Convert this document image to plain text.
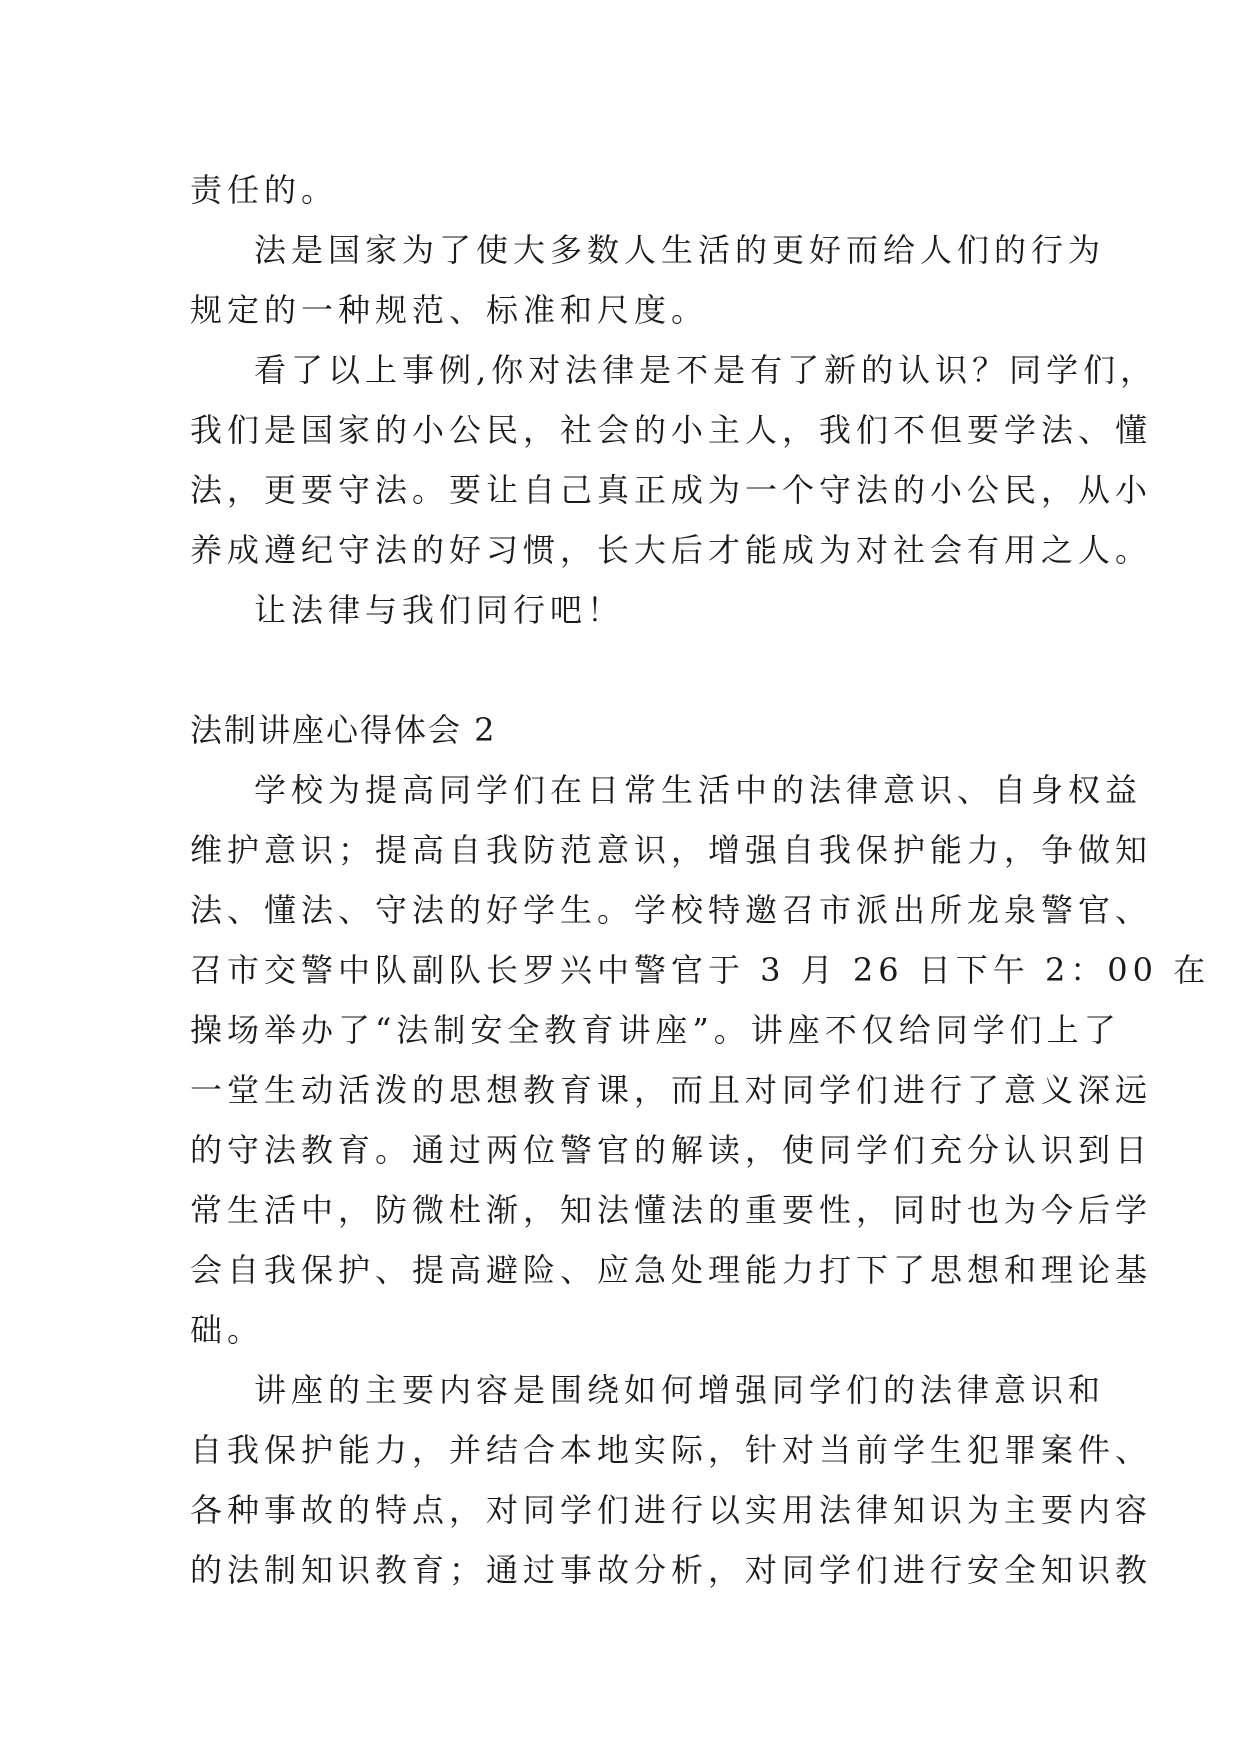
责任的。
法是国家为了使大多数人生活的更好而给人们的行为
规定的一种规范、标准和尺度。
看了以上事例,你对法律是不是有了新的认识？同学们，
我们是国家的小公民，社会的小主人，我们不但要学法、懂
法，更要守法。要让自己真正成为一个守法的小公民，从小
养成遵纪守法的好习惯，长大后才能成为对社会有用之人。
让法律与我们同行吧！
法制讲座心得体会 2
学校为提高同学们在日常生活中的法律意识、自身权益
维护意识；提高自我防范意识，增强自我保护能力，争做知
法、懂法、守法的好学生。学校特邀召市派出所龙泉警官、
召市交警中队副队长罗兴中警官于 3 月 26 日下午 2：00 在
操场举办了“法制安全教育讲座”。讲座不仅给同学们上了
一堂生动活泼的思想教育课，而且对同学们进行了意义深远
的守法教育。通过两位警官的解读，使同学们充分认识到日
常生活中，防微杜渐，知法懂法的重要性，同时也为今后学
会自我保护、提高避险、应急处理能力打下了思想和理论基
础。
讲座的主要内容是围绕如何增强同学们的法律意识和
自我保护能力，并结合本地实际，针对当前学生犯罪案件、
各种事故的特点，对同学们进行以实用法律知识为主要内容
的法制知识教育；通过事故分析，对同学们进行安全知识教
